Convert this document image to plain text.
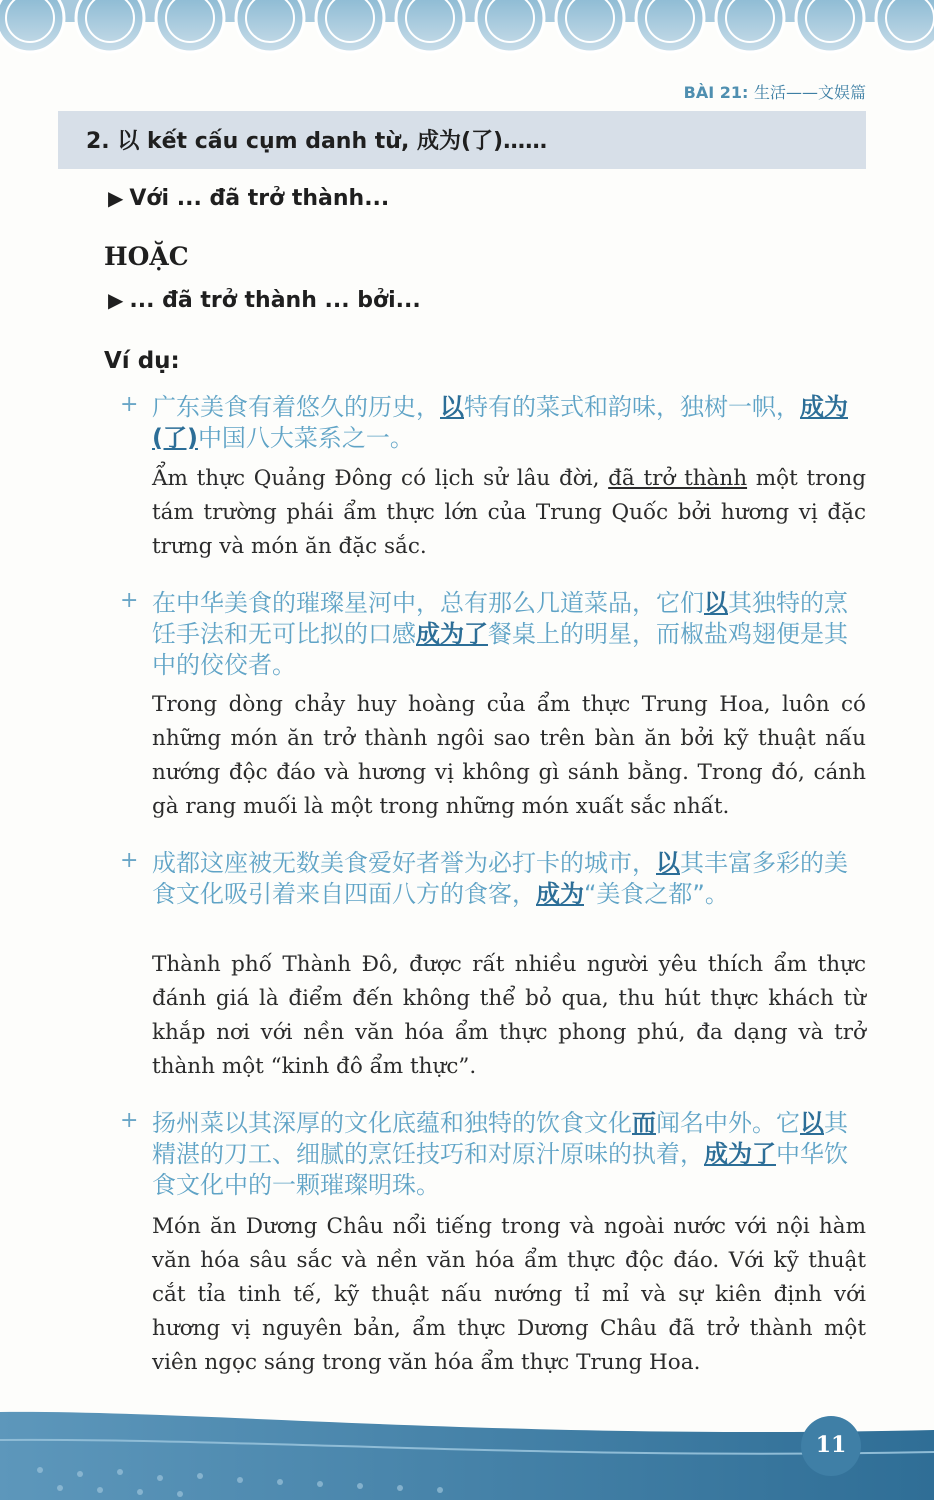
BÀI 21: 生活——文娱篇
2. 以 kết cấu cụm danh từ, 成为(了)……
▶ Với ... đã trở thành...
HOẶC
▶ ... đã trở thành ... bởi...
Ví dụ:
+ 广东美食有着悠久的历史，以特有的菜式和韵味，独树一帜，成为(了)中国八大菜系之一。
Ẩm thực Quảng Đông có lịch sử lâu đời, đã trở thành một trong tám trường phái ẩm thực lớn của Trung Quốc bởi hương vị đặc trưng và món ăn đặc sắc.
+ 在中华美食的璀璨星河中，总有那么几道菜品，它们以其独特的烹饪手法和无可比拟的口感成为了餐桌上的明星，而椒盐鸡翅便是其中的佼佼者。
Trong dòng chảy huy hoàng của ẩm thực Trung Hoa, luôn có những món ăn trở thành ngôi sao trên bàn ăn bởi kỹ thuật nấu nướng độc đáo và hương vị không gì sánh bằng. Trong đó, cánh gà rang muối là một trong những món xuất sắc nhất.
+ 成都这座被无数美食爱好者誉为必打卡的城市，以其丰富多彩的美食文化吸引着来自四面八方的食客，成为“美食之都”。
Thành phố Thành Đô, được rất nhiều người yêu thích ẩm thực đánh giá là điểm đến không thể bỏ qua, thu hút thực khách từ khắp nơi với nền văn hóa ẩm thực phong phú, đa dạng và trở thành một “kinh đô ẩm thực”.
+ 扬州菜以其深厚的文化底蕴和独特的饮食文化而闻名中外。它以其精湛的刀工、细腻的烹饪技巧和对原汁原味的执着，成为了中华饮食文化中的一颗璀璨明珠。
Món ăn Dương Châu nổi tiếng trong và ngoài nước với nội hàm văn hóa sâu sắc và nền văn hóa ẩm thực độc đáo. Với kỹ thuật cắt tỉa tinh tế, kỹ thuật nấu nướng tỉ mỉ và sự kiên định với hương vị nguyên bản, ẩm thực Dương Châu đã trở thành một viên ngọc sáng trong văn hóa ẩm thực Trung Hoa.
11
